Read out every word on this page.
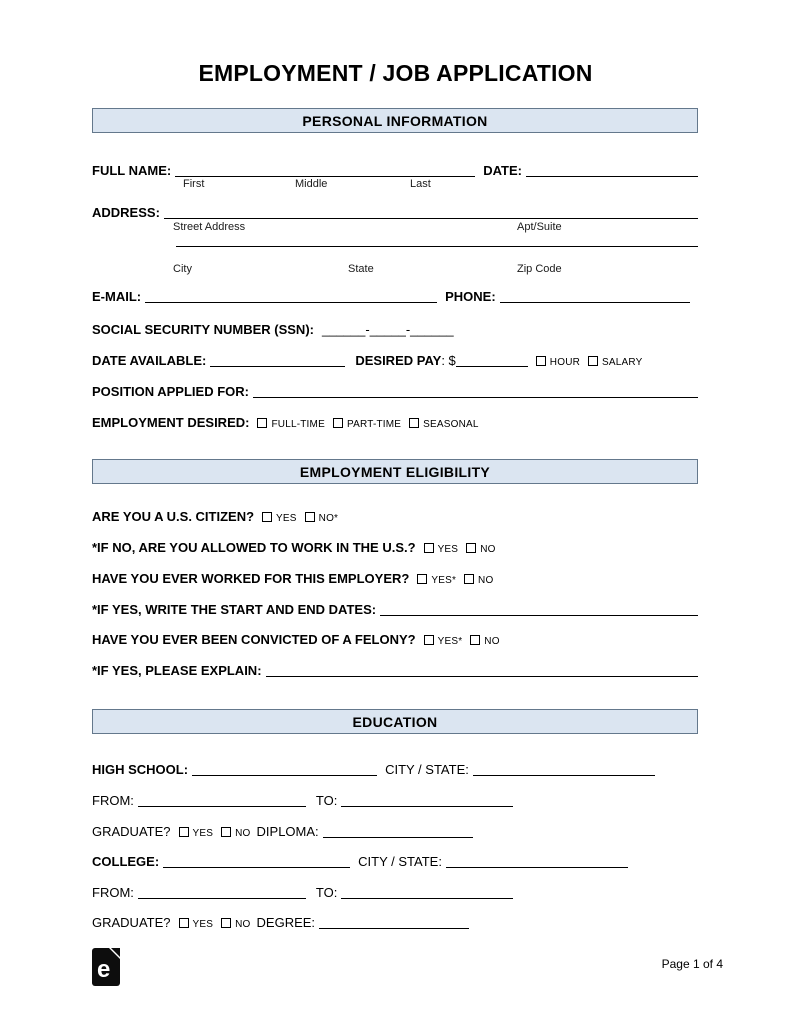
EMPLOYMENT / JOB APPLICATION
PERSONAL INFORMATION
FULL NAME:	DATE:
First	Middle	Last
ADDRESS:
Street Address	Apt/Suite
City	State	Zip Code
E-MAIL:	PHONE:
SOCIAL SECURITY NUMBER (SSN): ______-_____-______
DATE AVAILABLE:	DESIRED PAY : $	HOUR SALARY
POSITION APPLIED FOR:
EMPLOYMENT DESIRED: FULL-TIME PART-TIME SEASONAL
EMPLOYMENT ELIGIBILITY
ARE YOU A U.S. CITIZEN? YES NO*
*IF NO, ARE YOU ALLOWED TO WORK IN THE U.S.? YES NO
HAVE YOU EVER WORKED FOR THIS EMPLOYER? YES* NO
*IF YES, WRITE THE START AND END DATES:
HAVE YOU EVER BEEN CONVICTED OF A FELONY? YES* NO
*IF YES, PLEASE EXPLAIN:
EDUCATION
HIGH SCHOOL:	CITY / STATE:
FROM:	TO:
GRADUATE? YES NO DIPLOMA:
COLLEGE:	CITY / STATE:
FROM:	TO:
GRADUATE? YES NO DEGREE:
e	Page 1 of 4
